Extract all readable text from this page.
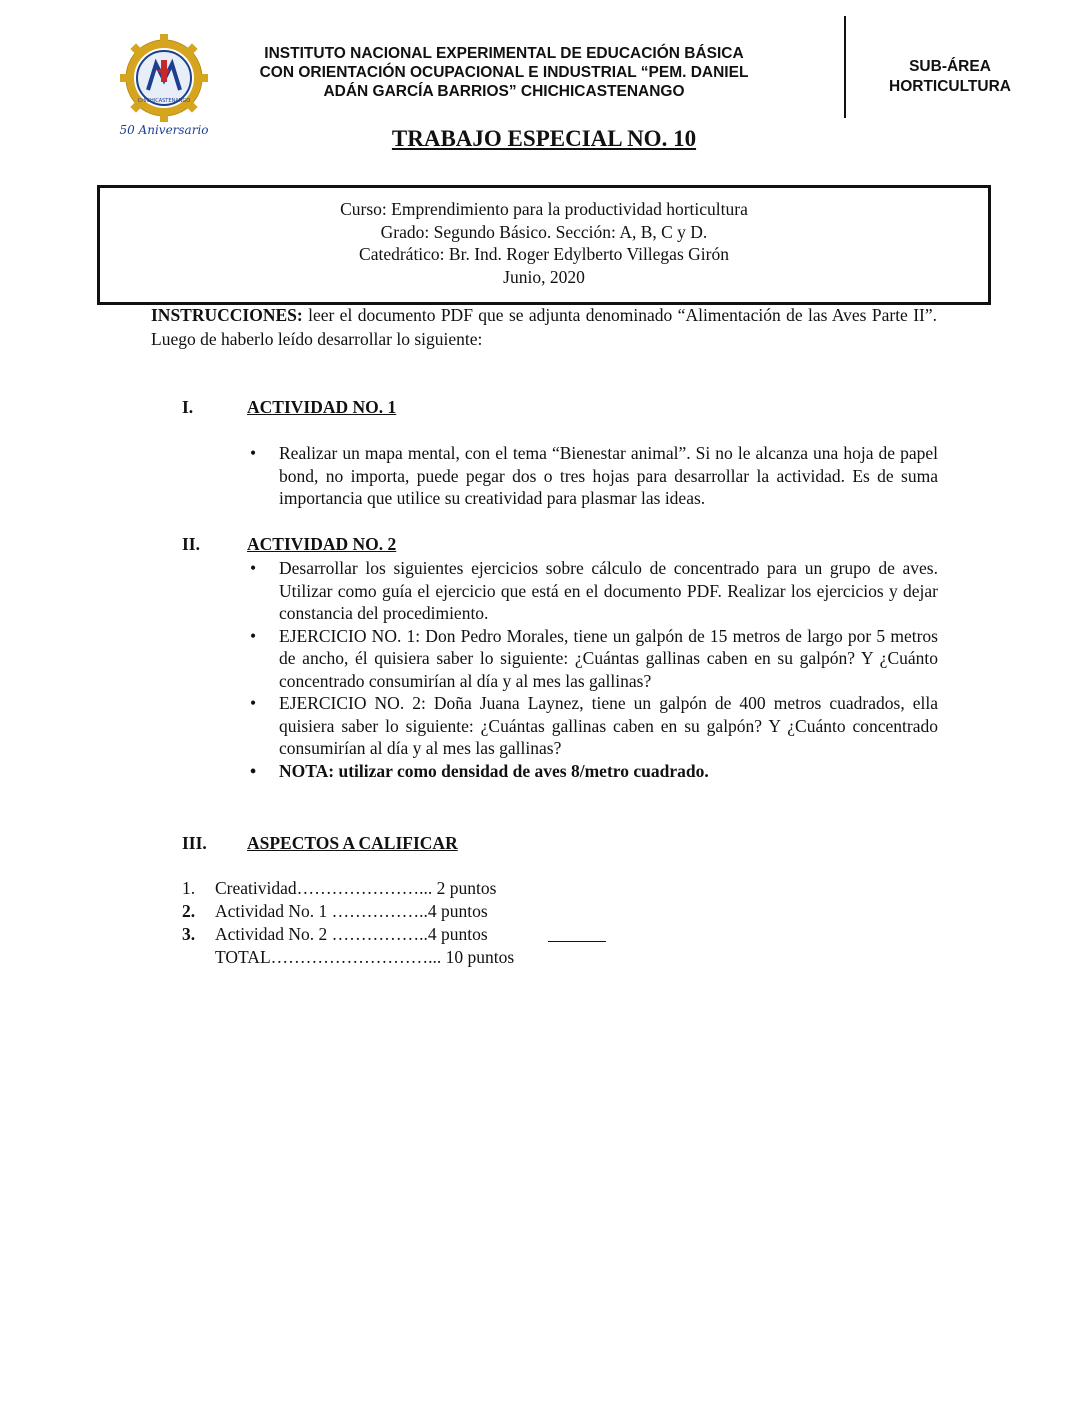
CHICHICASTENANGO
50 Aniversario
INSTITUTO NACIONAL EXPERIMENTAL DE EDUCACIÓN BÁSICA
CON ORIENTACIÓN OCUPACIONAL E INDUSTRIAL “PEM. DANIEL
ADÁN GARCÍA BARRIOS” CHICHICASTENANGO
SUB-ÁREA
HORTICULTURA
TRABAJO ESPECIAL NO. 10
Curso: Emprendimiento para la productividad horticultura
Grado: Segundo Básico. Sección: A, B, C y D.
Catedrático: Br. Ind. Roger Edylberto Villegas Girón
Junio, 2020
INSTRUCCIONES: leer el documento PDF que se adjunta denominado “Alimentación de las Aves Parte II”. Luego de haberlo leído desarrollar lo siguiente:
I.	ACTIVIDAD NO. 1
• Realizar un mapa mental, con el tema “Bienestar animal”. Si no le alcanza una hoja de papel bond, no importa, puede pegar dos o tres hojas para desarrollar la actividad. Es de suma importancia que utilice su creatividad para plasmar las ideas.
II.	ACTIVIDAD NO. 2
• Desarrollar los siguientes ejercicios sobre cálculo de concentrado para un grupo de aves. Utilizar como guía el ejercicio que está en el documento PDF. Realizar los ejercicios y dejar constancia del procedimiento.
• EJERCICIO NO. 1: Don Pedro Morales, tiene un galpón de 15 metros de largo por 5 metros de ancho, él quisiera saber lo siguiente: ¿Cuántas gallinas caben en su galpón? Y ¿Cuánto concentrado consumirían al día y al mes las gallinas?
• EJERCICIO NO. 2: Doña Juana Laynez, tiene un galpón de 400 metros cuadrados, ella quisiera saber lo siguiente: ¿Cuántas gallinas caben en su galpón? Y ¿Cuánto concentrado consumirían al día y al mes las gallinas?
• NOTA: utilizar como densidad de aves 8/metro cuadrado.
III. ASPECTOS A CALIFICAR
1. Creatividad…………………... 2 puntos
2. Actividad No. 1 ……………..4 puntos
3. Actividad No. 2 ……………..4 puntos
TOTAL………………………... 10 puntos
